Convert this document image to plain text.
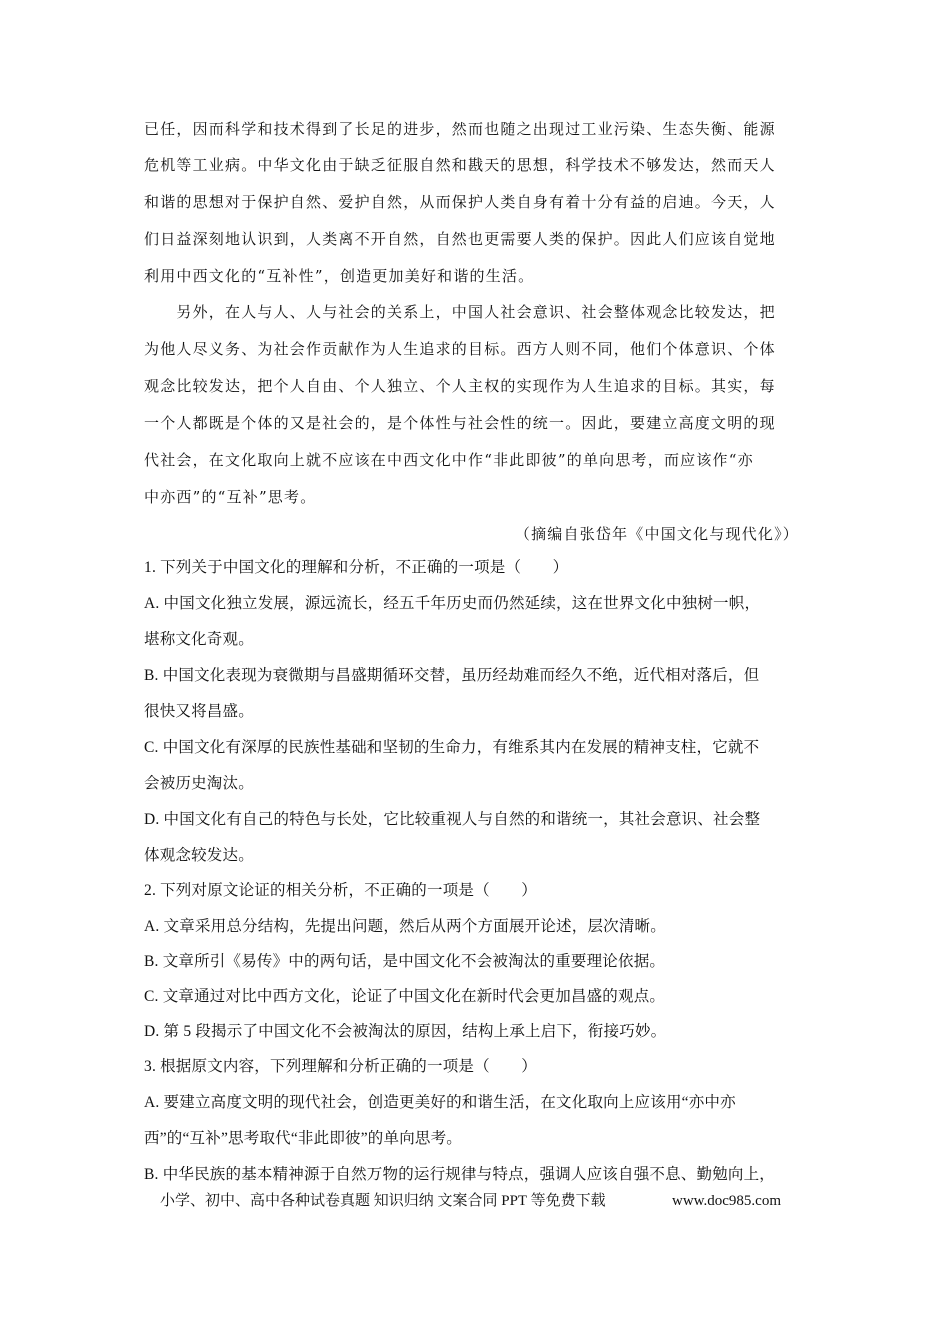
已任，因而科学和技术得到了长足的进步，然而也随之出现过工业污染、生态失衡、能源
危机等工业病。中华文化由于缺乏征服自然和戡天的思想，科学技术不够发达，然而天人
和谐的思想对于保护自然、爱护自然，从而保护人类自身有着十分有益的启迪。今天，人
们日益深刻地认识到，人类离不开自然，自然也更需要人类的保护。因此人们应该自觉地
利用中西文化的“互补性”，创造更加美好和谐的生活。
　　另外，在人与人、人与社会的关系上，中国人社会意识、社会整体观念比较发达，把
为他人尽义务、为社会作贡献作为人生追求的目标。西方人则不同，他们个体意识、个体
观念比较发达，把个人自由、个人独立、个人主权的实现作为人生追求的目标。其实，每
一个人都既是个体的又是社会的，是个体性与社会性的统一。因此，要建立高度文明的现
代社会，在文化取向上就不应该在中西文化中作“非此即彼”的单向思考，而应该作“亦
中亦西”的“互补”思考。
（摘编自张岱年《中国文化与现代化》）
1. 下列关于中国文化的理解和分析，不正确的一项是（　　）
A. 中国文化独立发展，源远流长，经五千年历史而仍然延续，这在世界文化中独树一帜，
堪称文化奇观。
B. 中国文化表现为衰微期与昌盛期循环交替，虽历经劫难而经久不绝，近代相对落后，但
很快又将昌盛。
C. 中国文化有深厚的民族性基础和坚韧的生命力，有维系其内在发展的精神支柱，它就不
会被历史淘汰。
D. 中国文化有自己的特色与长处，它比较重视人与自然的和谐统一，其社会意识、社会整
体观念较发达。
2. 下列对原文论证的相关分析，不正确的一项是（　　）
A. 文章采用总分结构，先提出问题，然后从两个方面展开论述，层次清晰。
B. 文章所引《易传》中的两句话，是中国文化不会被淘汰的重要理论依据。
C. 文章通过对比中西方文化，论证了中国文化在新时代会更加昌盛的观点。
D. 第 5 段揭示了中国文化不会被淘汰的原因，结构上承上启下，衔接巧妙。
3. 根据原文内容，下列理解和分析正确的一项是（　　）
A. 要建立高度文明的现代社会，创造更美好的和谐生活，在文化取向上应该用“亦中亦
西”的“互补”思考取代“非此即彼”的单向思考。
B. 中华民族的基本精神源于自然万物的运行规律与特点，强调人应该自强不息、勤勉向上，
小学、初中、高中各种试卷真题 知识归纳 文案合同 PPT 等免费下载	www.doc985.com
